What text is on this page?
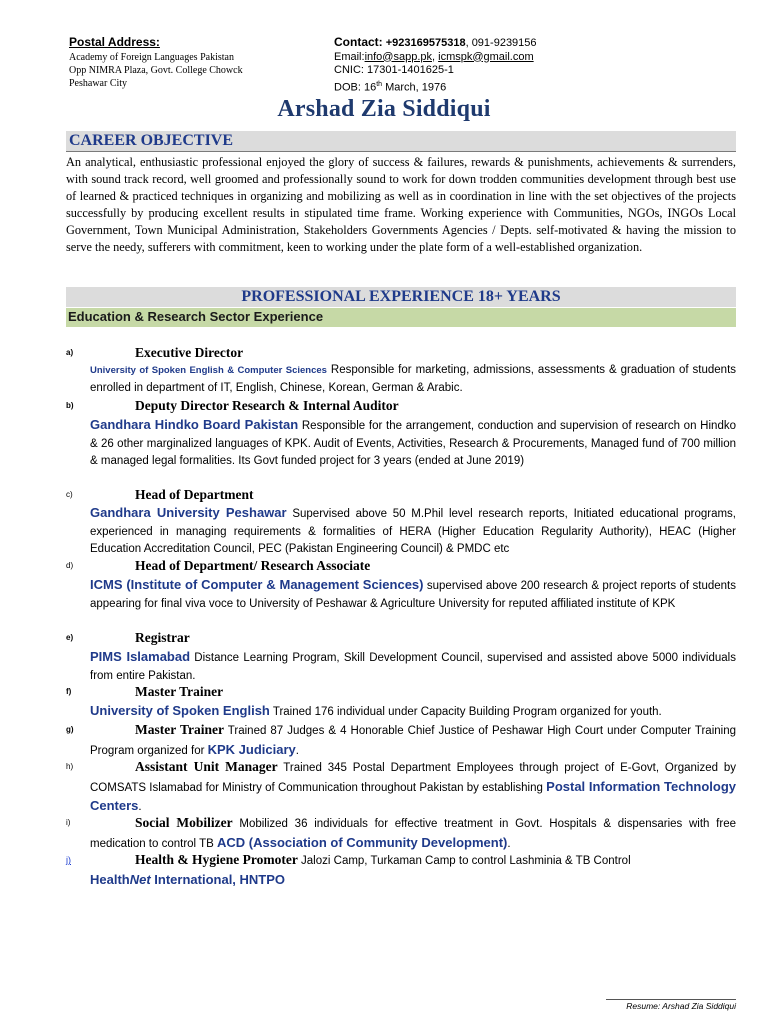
Postal Address:
Academy of Foreign Languages Pakistan
Opp NIMRA Plaza, Govt. College Chowck
Peshawar City
Contact: +923169575318, 091-9239156
Email:info@sapp.pk, icmspk@gmail.com
CNIC: 17301-1401625-1
DOB: 16th March, 1976
Arshad Zia Siddiqui
CAREER OBJECTIVE
An analytical, enthusiastic professional enjoyed the glory of success & failures, rewards & punishments, achievements & surrenders, with sound track record, well groomed and professionally sound to work for down trodden communities development through best use of learned & practiced techniques in organizing and mobilizing as well as in coordination in line with the set objectives of the projects successfully by producing excellent results in stipulated time frame. Working experience with Communities, NGOs, INGOs Local Government, Town Municipal Administration, Stakeholders Governments Agencies / Depts. self-motivated & having the mission to serve the needy, sufferers with commitment, keen to working under the plate form of a well-established organization.
PROFESSIONAL EXPERIENCE 18+ YEARS
Education & Research Sector Experience
a)	Executive Director
University of Spoken English & Computer Sciences Responsible for marketing, admissions, assessments & graduation of students enrolled in department of IT, English, Chinese, Korean, German & Arabic.
b)	Deputy Director Research & Internal Auditor
Gandhara Hindko Board Pakistan Responsible for the arrangement, conduction and supervision of research on Hindko & 26 other marginalized languages of KPK. Audit of Events, Activities, Research & Procurements, Managed fund of 700 million & managed legal formalities. Its Govt funded project for 3 years (ended at June 2019)
c)	Head of Department
Gandhara University Peshawar Supervised above 50 M.Phil level research reports, Initiated educational programs, experienced in managing requirements & formalities of HERA (Higher Education Regularity Authority), HEAC (Higher Education Accreditation Council, PEC (Pakistan Engineering Council) & PMDC etc
d)	Head of Department/ Research Associate
ICMS (Institute of Computer & Management Sciences) supervised above 200 research & project reports of students appearing for final viva voce to University of Peshawar & Agriculture University for reputed affiliated institute of KPK
e)	Registrar
PIMS Islamabad Distance Learning Program, Skill Development Council, supervised and assisted above 5000 individuals from entire Pakistan.
f)	Master Trainer
University of Spoken English Trained 176 individual under Capacity Building Program organized for youth.
g)	Master Trainer Trained 87 Judges & 4 Honorable Chief Justice of Peshawar High Court under Computer Training Program organized for KPK Judiciary.
h)	Assistant Unit Manager Trained 345 Postal Department Employees through project of E-Govt, Organized by COMSATS Islamabad for Ministry of Communication throughout Pakistan by establishing Postal Information Technology Centers.
i)	Social Mobilizer Mobilized 36 individuals for effective treatment in Govt. Hospitals & dispensaries with free medication to control TB ACD (Association of Community Development).
j)	Health & Hygiene Promoter Jalozi Camp, Turkaman Camp to control Lashminia & TB Control
HealthNet International, HNTPO
Resume: Arshad Zia Siddiqui
